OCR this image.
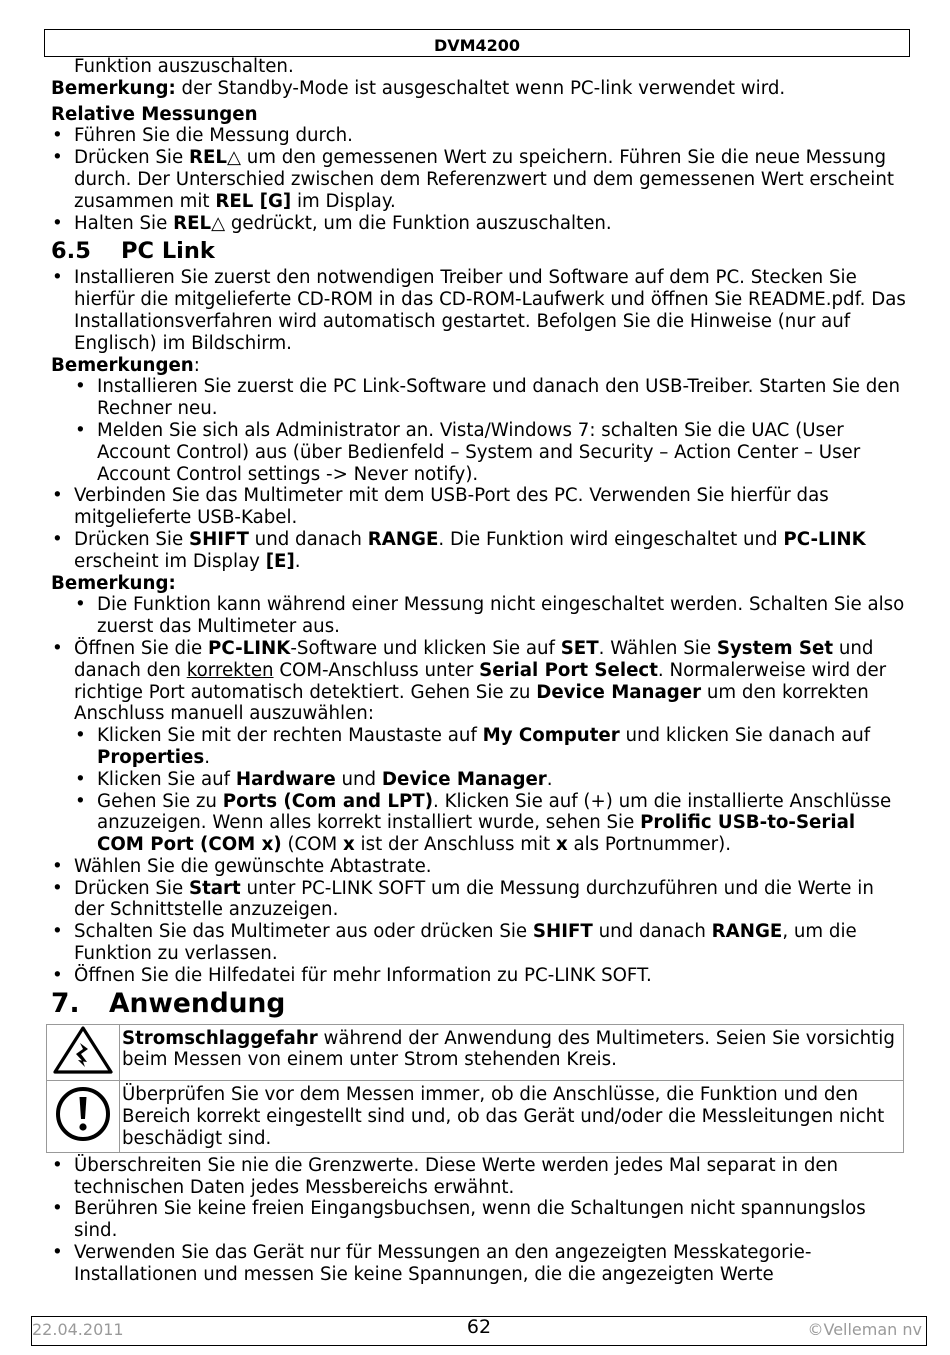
DVM4200

Funktion auszuschalten.

Bemerkung: der Standby-Mode ist ausgeschaltet wenn PC-link verwendet wird.

Relative Messungen

• Führen Sie die Messung durch.
• Drücken Sie REL△ um den gemessenen Wert zu speichern. Führen Sie die neue Messung durch. Der Unterschied zwischen dem Referenzwert und dem gemessenen Wert erscheint zusammen mit REL [G] im Display.
• Halten Sie REL△ gedrückt, um die Funktion auszuschalten.

6.5 PC Link

• Installieren Sie zuerst den notwendigen Treiber und Software auf dem PC. Stecken Sie hierfür die mitgelieferte CD-ROM in das CD-ROM-Laufwerk und öffnen Sie README.pdf. Das Installationsverfahren wird automatisch gestartet. Befolgen Sie die Hinweise (nur auf Englisch) im Bildschirm.

Bemerkungen:

• Installieren Sie zuerst die PC Link-Software und danach den USB-Treiber. Starten Sie den Rechner neu.
• Melden Sie sich als Administrator an. Vista/Windows 7: schalten Sie die UAC (User Account Control) aus (über Bedienfeld – System and Security – Action Center – User Account Control settings -> Never notify).
• Verbinden Sie das Multimeter mit dem USB-Port des PC. Verwenden Sie hierfür das mitgelieferte USB-Kabel.
• Drücken Sie SHIFT und danach RANGE. Die Funktion wird eingeschaltet und PC-LINK erscheint im Display [E].

Bemerkung:

• Die Funktion kann während einer Messung nicht eingeschaltet werden. Schalten Sie also zuerst das Multimeter aus.
• Öffnen Sie die PC-LINK-Software und klicken Sie auf SET. Wählen Sie System Set und danach den korrekten COM-Anschluss unter Serial Port Select. Normalerweise wird der richtige Port automatisch detektiert. Gehen Sie zu Device Manager um den korrekten Anschluss manuell auszuwählen:
• Klicken Sie mit der rechten Maustaste auf My Computer und klicken Sie danach auf Properties.
• Klicken Sie auf Hardware und Device Manager.
• Gehen Sie zu Ports (Com and LPT). Klicken Sie auf (+) um die installierte Anschlüsse anzuzeigen. Wenn alles korrekt installiert wurde, sehen Sie Prolific USB-to-Serial COM Port (COM x) (COM x ist der Anschluss mit x als Portnummer).
• Wählen Sie die gewünschte Abtastrate.
• Drücken Sie Start unter PC-LINK SOFT um die Messung durchzuführen und die Werte in der Schnittstelle anzuzeigen.
• Schalten Sie das Multimeter aus oder drücken Sie SHIFT und danach RANGE, um die Funktion zu verlassen.
• Öffnen Sie die Hilfedatei für mehr Information zu PC-LINK SOFT.

7. Anwendung

	Stromschlaggefahr während der Anwendung des Multimeters. Seien Sie vorsichtig beim Messen von einem unter Strom stehenden Kreis.
	Überprüfen Sie vor dem Messen immer, ob die Anschlüsse, die Funktion und den Bereich korrekt eingestellt sind und, ob das Gerät und/oder die Messleitungen nicht beschädigt sind.
• Überschreiten Sie nie die Grenzwerte. Diese Werte werden jedes Mal separat in den technischen Daten jedes Messbereichs erwähnt.
• Berühren Sie keine freien Eingangsbuchsen, wenn die Schaltungen nicht spannungslos sind.
• Verwenden Sie das Gerät nur für Messungen an den angezeigten Messkategorie-Installationen und messen Sie keine Spannungen, die die angezeigten Werte
22.04.2011	62	©Velleman nv
